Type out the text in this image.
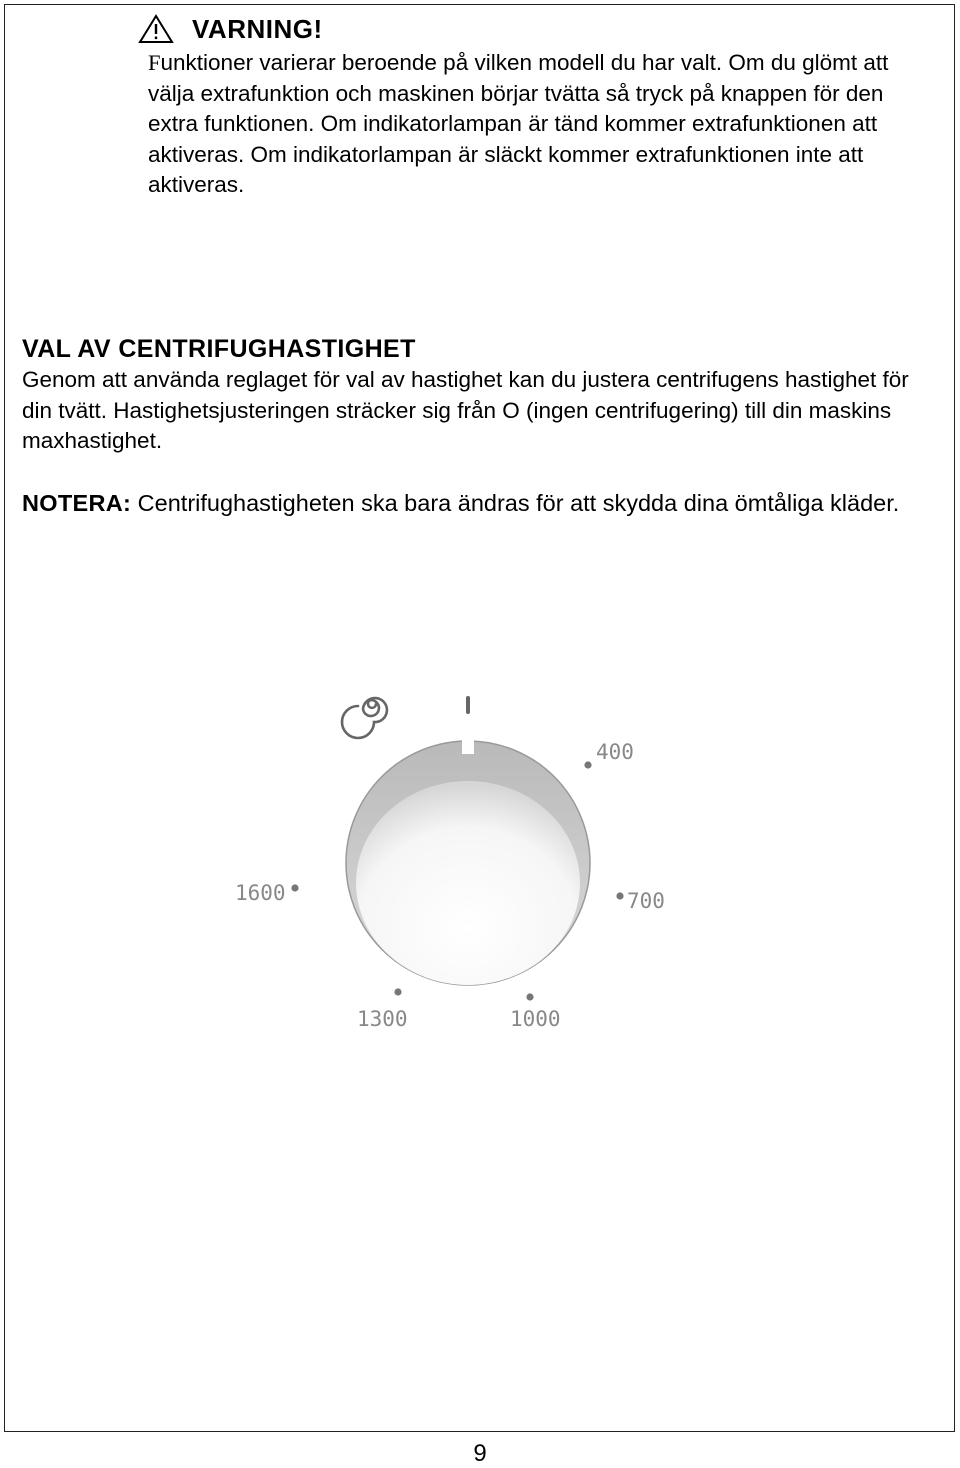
VARNING!

Funktioner varierar beroende på vilken modell du har valt. Om du glömt att välja extrafunktion och maskinen börjar tvätta så tryck på knappen för den extra funktionen. Om indikatorlampan är tänd kommer extrafunktionen att aktiveras. Om indikatorlampan är släckt kommer extrafunktionen inte att aktiveras.

VAL AV CENTRIFUGHASTIGHET

Genom att använda reglaget för val av hastighet kan du justera centrifugens hastighet för din tvätt. Hastighetsjusteringen sträcker sig från O (ingen centrifugering) till din maskins maxhastighet.

NOTERA: Centrifughastigheten ska bara ändras för att skydda dina ömtåliga kläder.
400
700
1000
1300
1600
9
